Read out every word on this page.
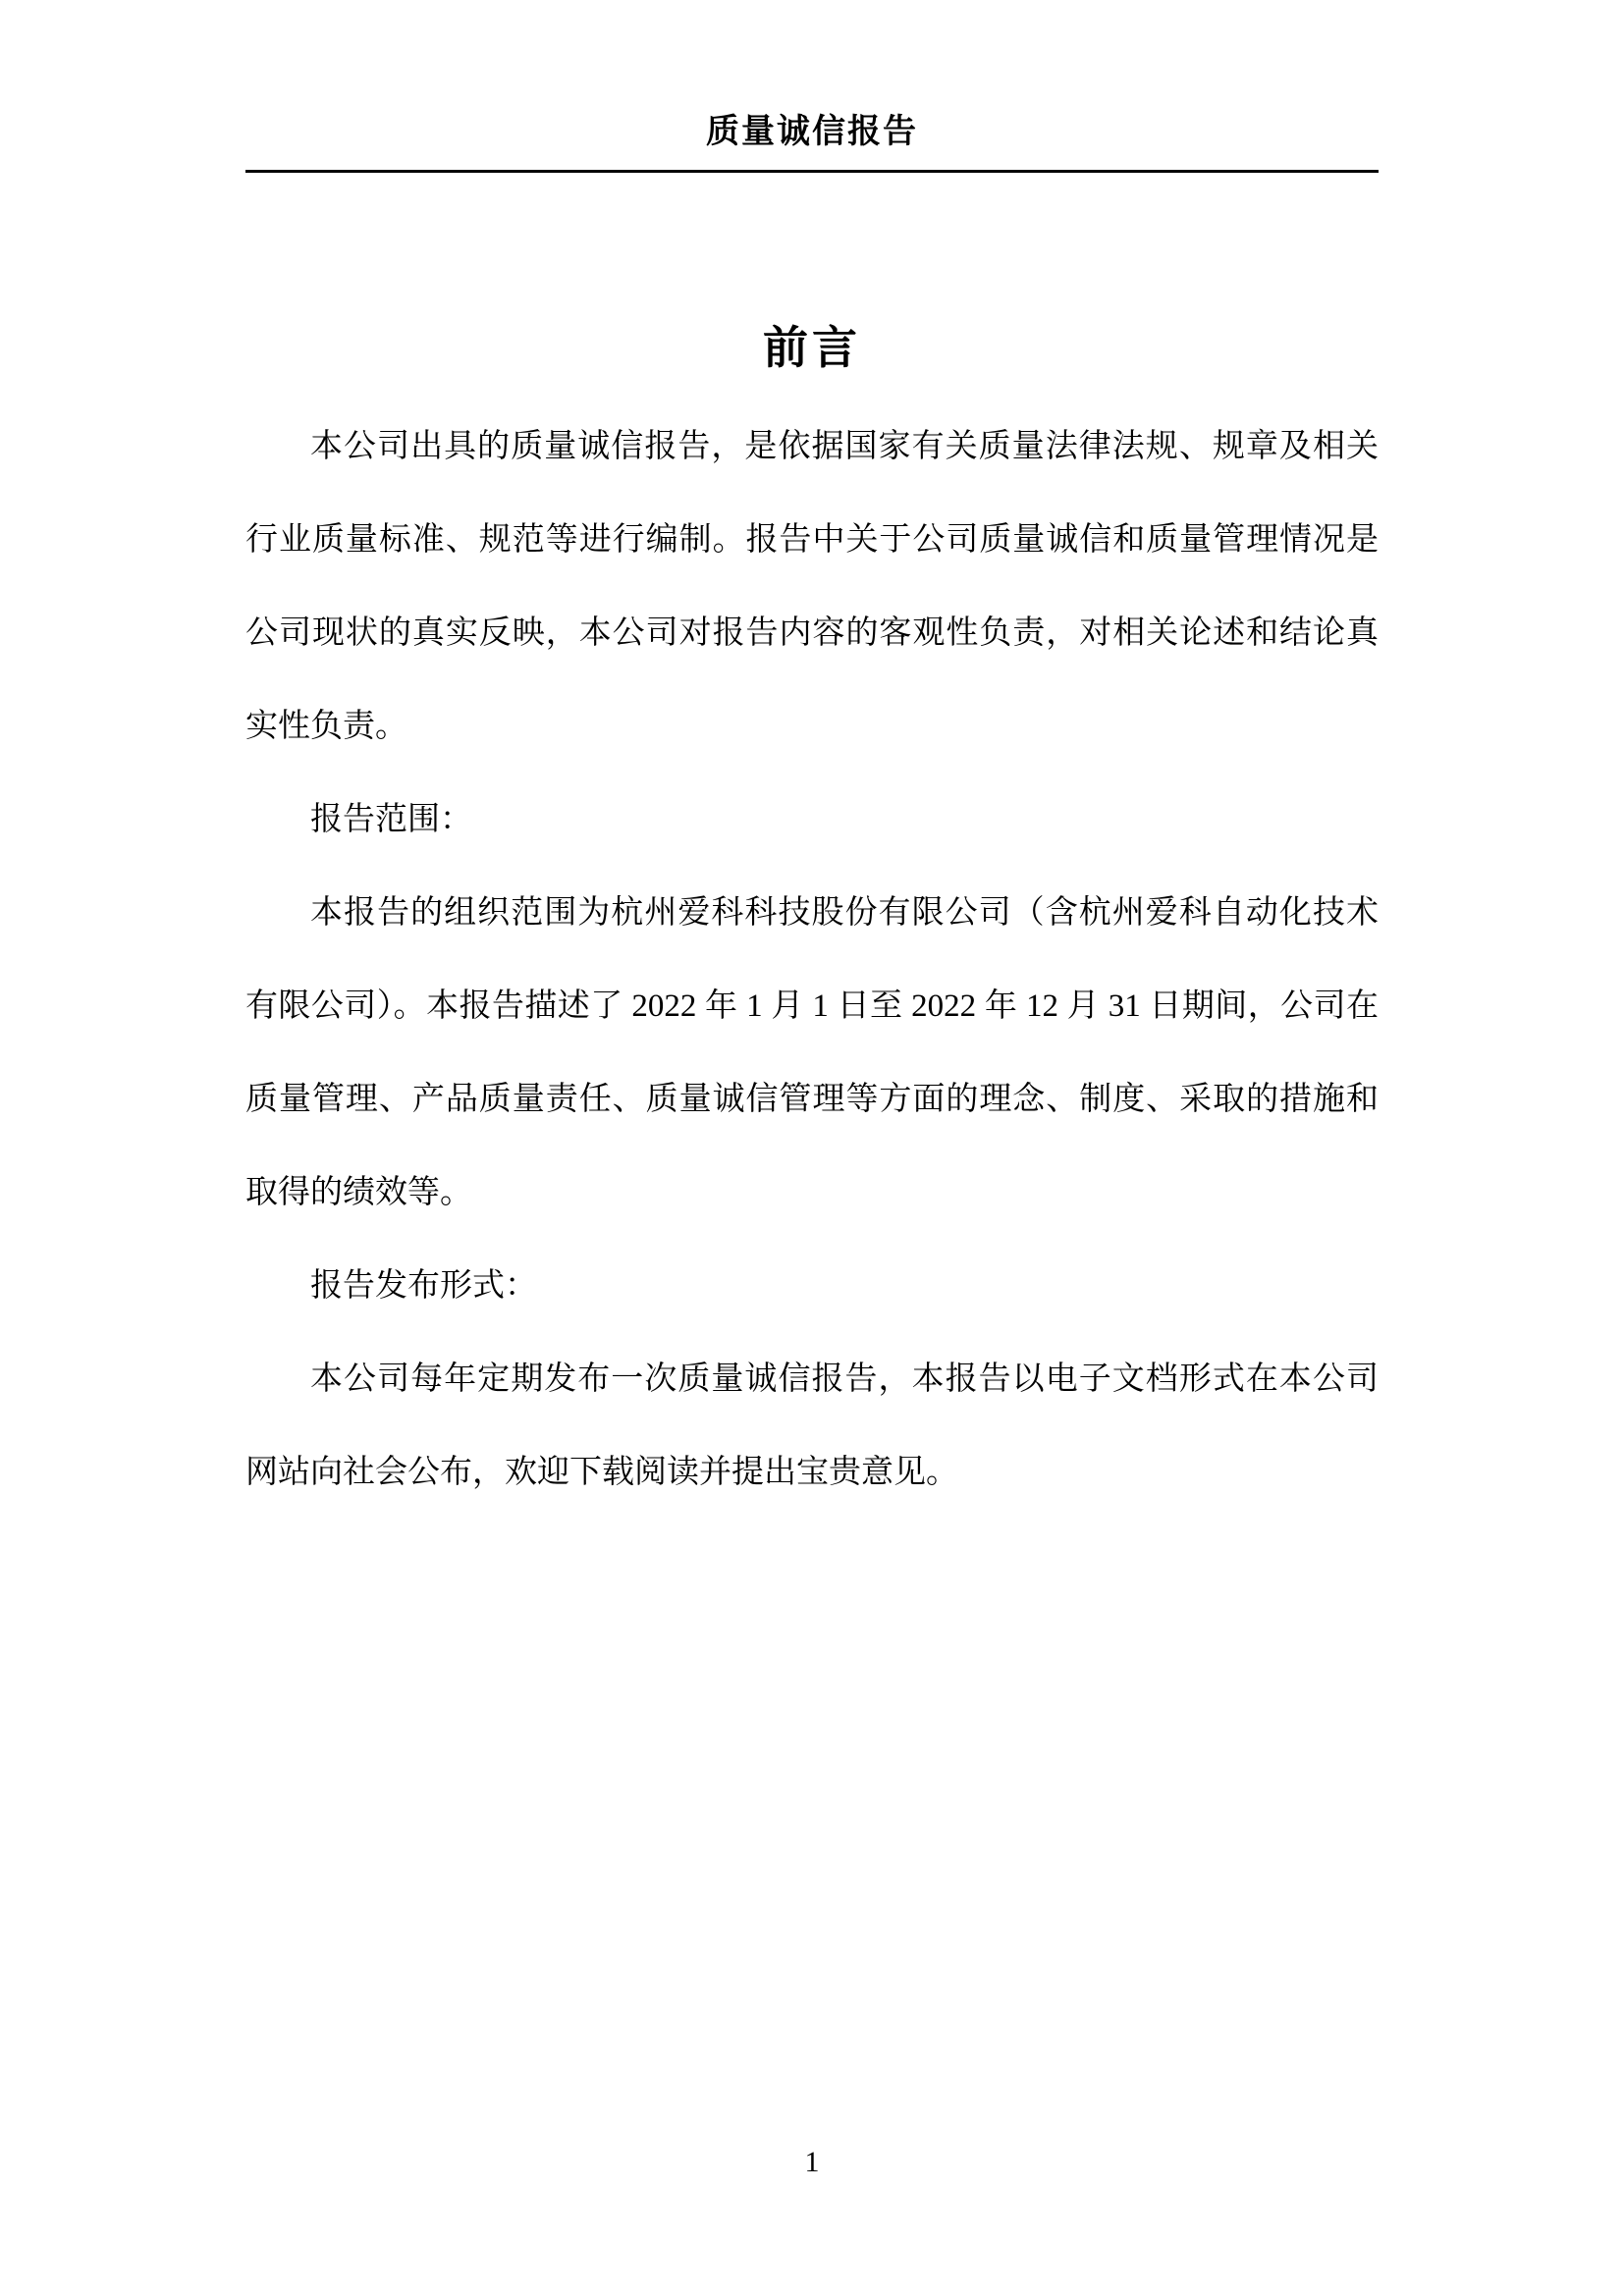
质量诚信报告
前言

本公司出具的质量诚信报告，是依据国家有关质量法律法规、规章及相关行业质量标准、规范等进行编制。报告中关于公司质量诚信和质量管理情况是公司现状的真实反映，本公司对报告内容的客观性负责，对相关论述和结论真实性负责。

报告范围：

本报告的组织范围为杭州爱科科技股份有限公司（含杭州爱科自动化技术有限公司）。本报告描述了 2022 年 1 月 1 日至 2022 年 12 月 31 日期间，公司在质量管理、产品质量责任、质量诚信管理等方面的理念、制度、采取的措施和取得的绩效等。

报告发布形式：

本公司每年定期发布一次质量诚信报告，本报告以电子文档形式在本公司网站向社会公布，欢迎下载阅读并提出宝贵意见。

1
